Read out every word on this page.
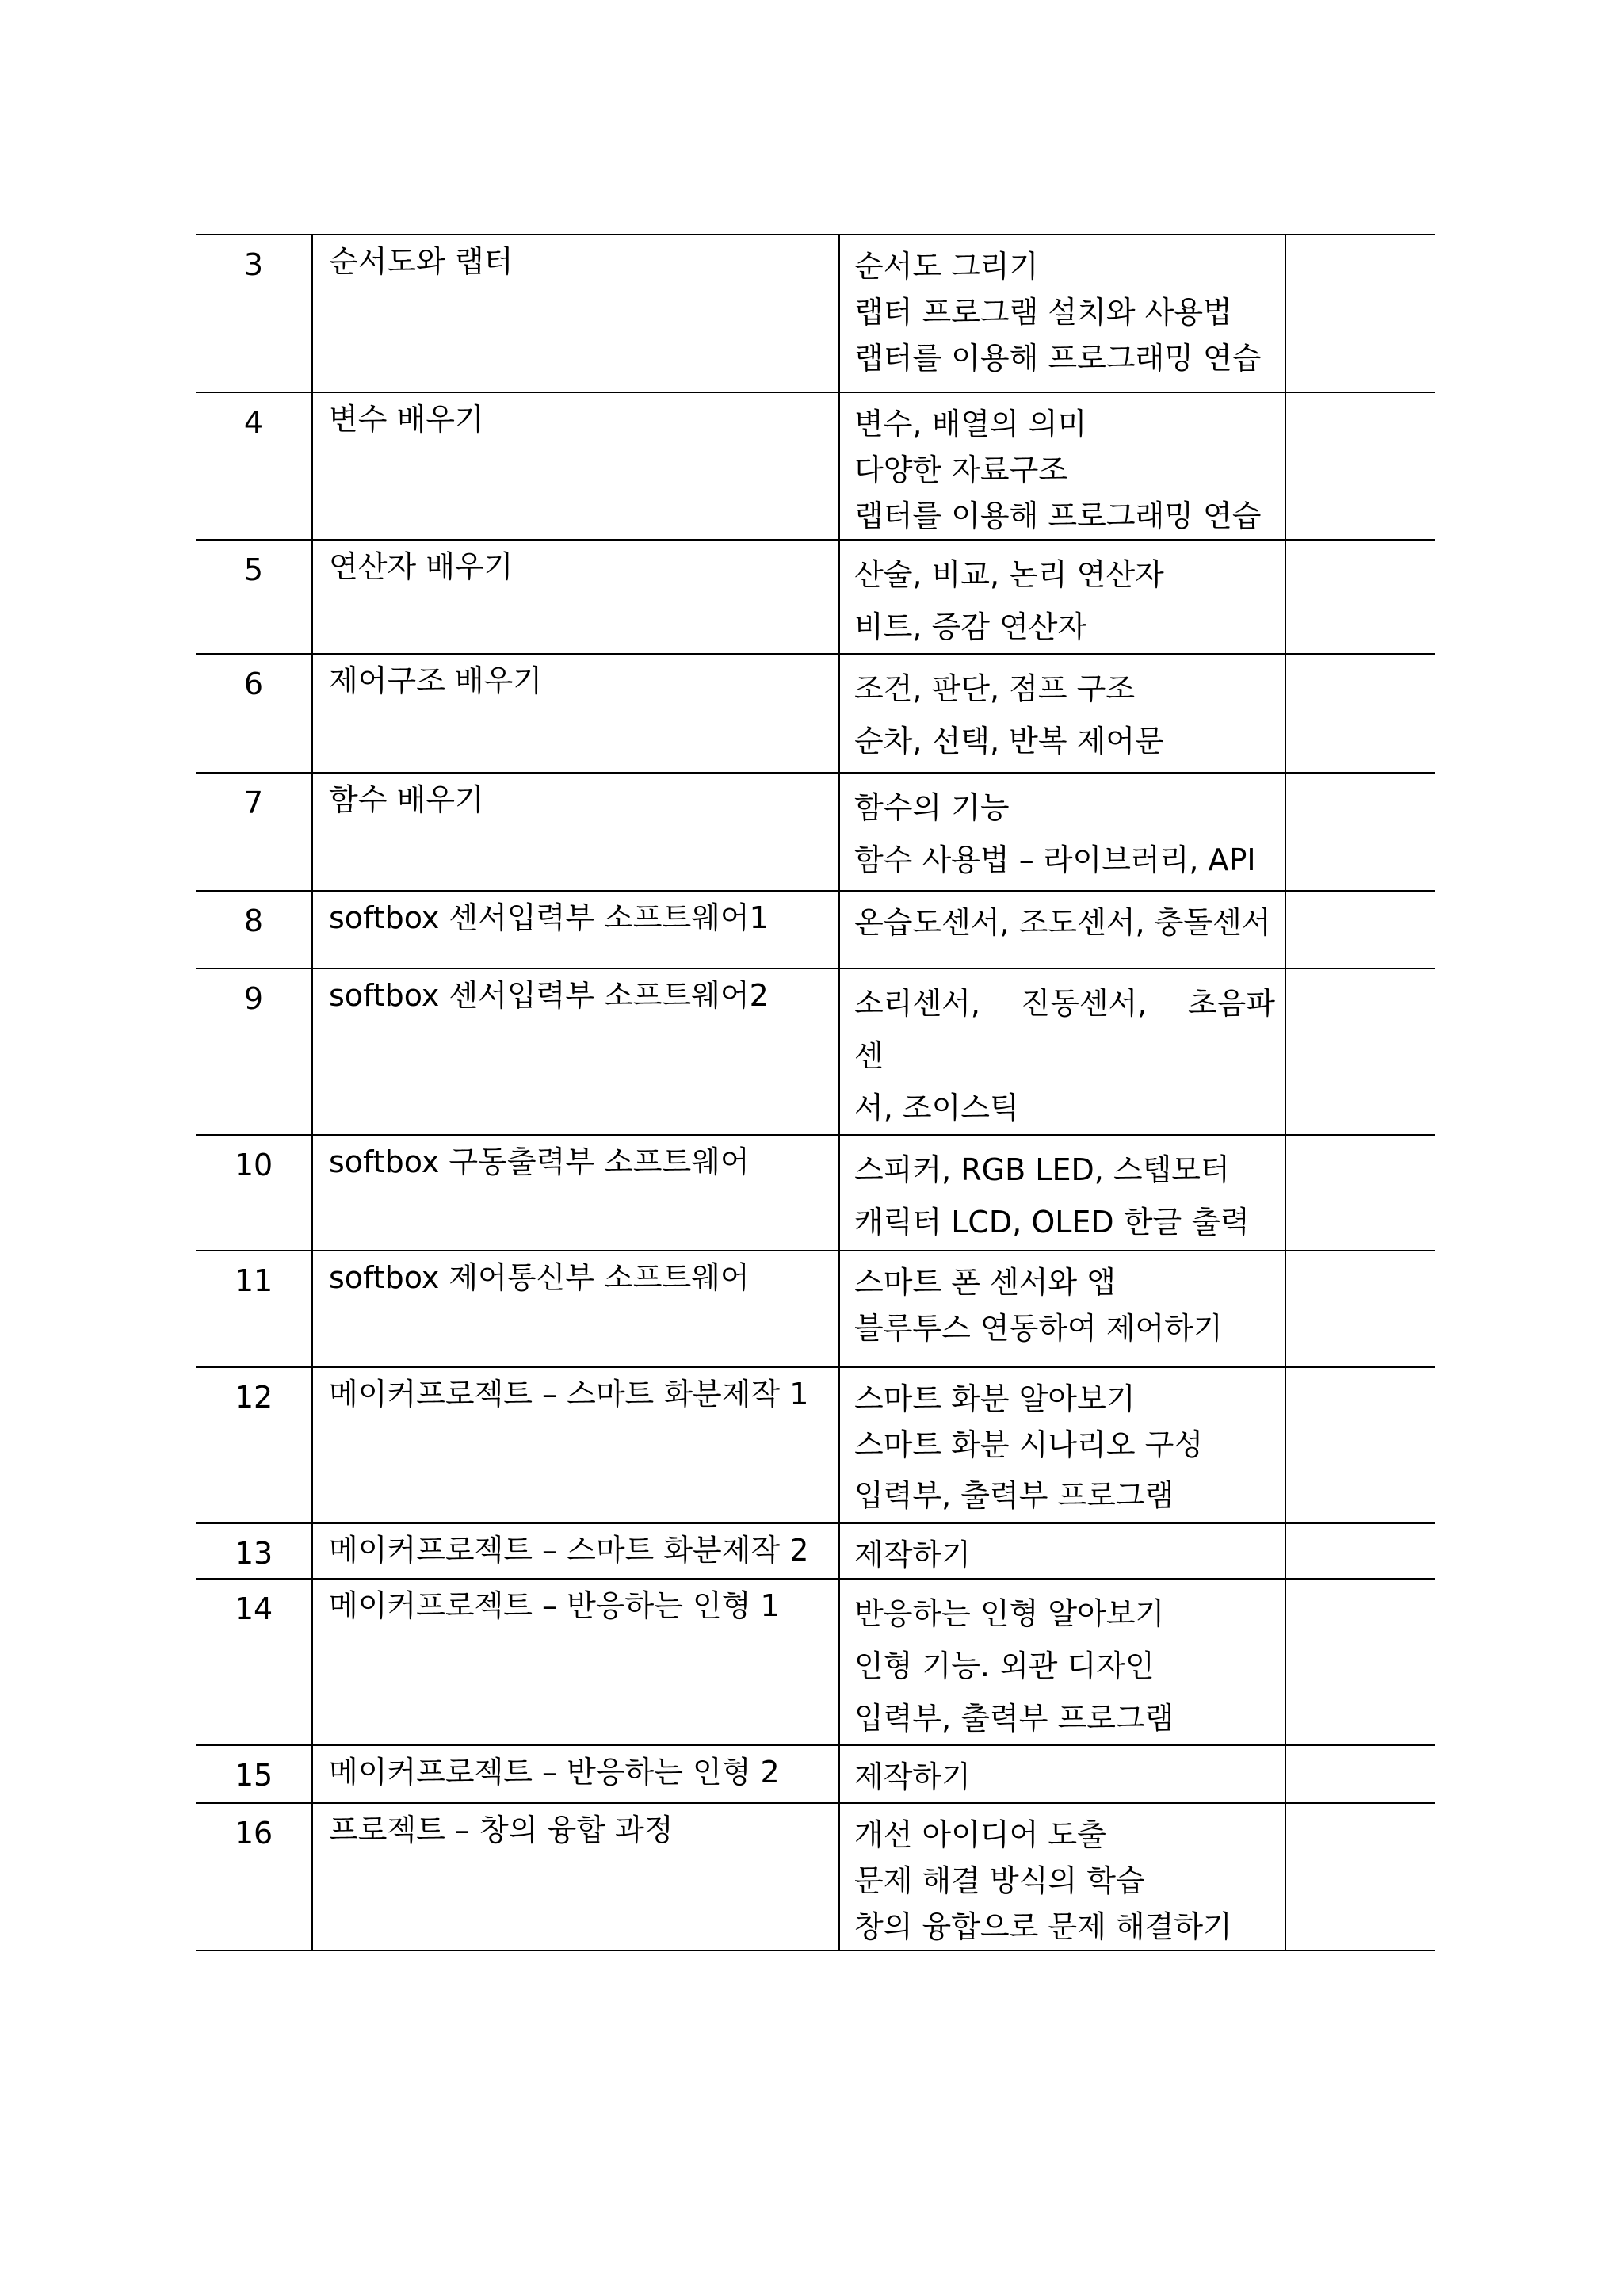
3	순서도와 랩터	순서도 그리기
랩터 프로그램 설치와 사용법
랩터를 이용해 프로그래밍 연습	

4	변수 배우기	변수, 배열의 의미
다양한 자료구조
랩터를 이용해 프로그래밍 연습	

5	연산자 배우기	산술, 비교, 논리 연산자
비트, 증감 연산자	

6	제어구조 배우기	조건, 판단, 점프 구조
순차, 선택, 반복 제어문	

7	함수 배우기	함수의 기능
함수 사용법 – 라이브러리, API	

8	softbox 센서입력부 소프트웨어1	온습도센서, 조도센서, 충돌센서	

9	softbox 센서입력부 소프트웨어2	소리센서, 진동센서, 초음파센
서, 조이스틱	

10	softbox 구동출력부 소프트웨어	스피커, RGB LED, 스텝모터
캐릭터 LCD, OLED 한글 출력	

11	softbox 제어통신부 소프트웨어	스마트 폰 센서와 앱
블루투스 연동하여 제어하기	

12	메이커프로젝트 – 스마트 화분제작 1	스마트 화분 알아보기
스마트 화분 시나리오 구성
입력부, 출력부 프로그램	

13	메이커프로젝트 – 스마트 화분제작 2	제작하기	

14	메이커프로젝트 – 반응하는 인형 1	반응하는 인형 알아보기
인형 기능. 외관 디자인
입력부, 출력부 프로그램	

15	메이커프로젝트 – 반응하는 인형 2	제작하기	

16	프로젝트 – 창의 융합 과정	개선 아이디어 도출
문제 해결 방식의 학습
창의 융합으로 문제 해결하기	
